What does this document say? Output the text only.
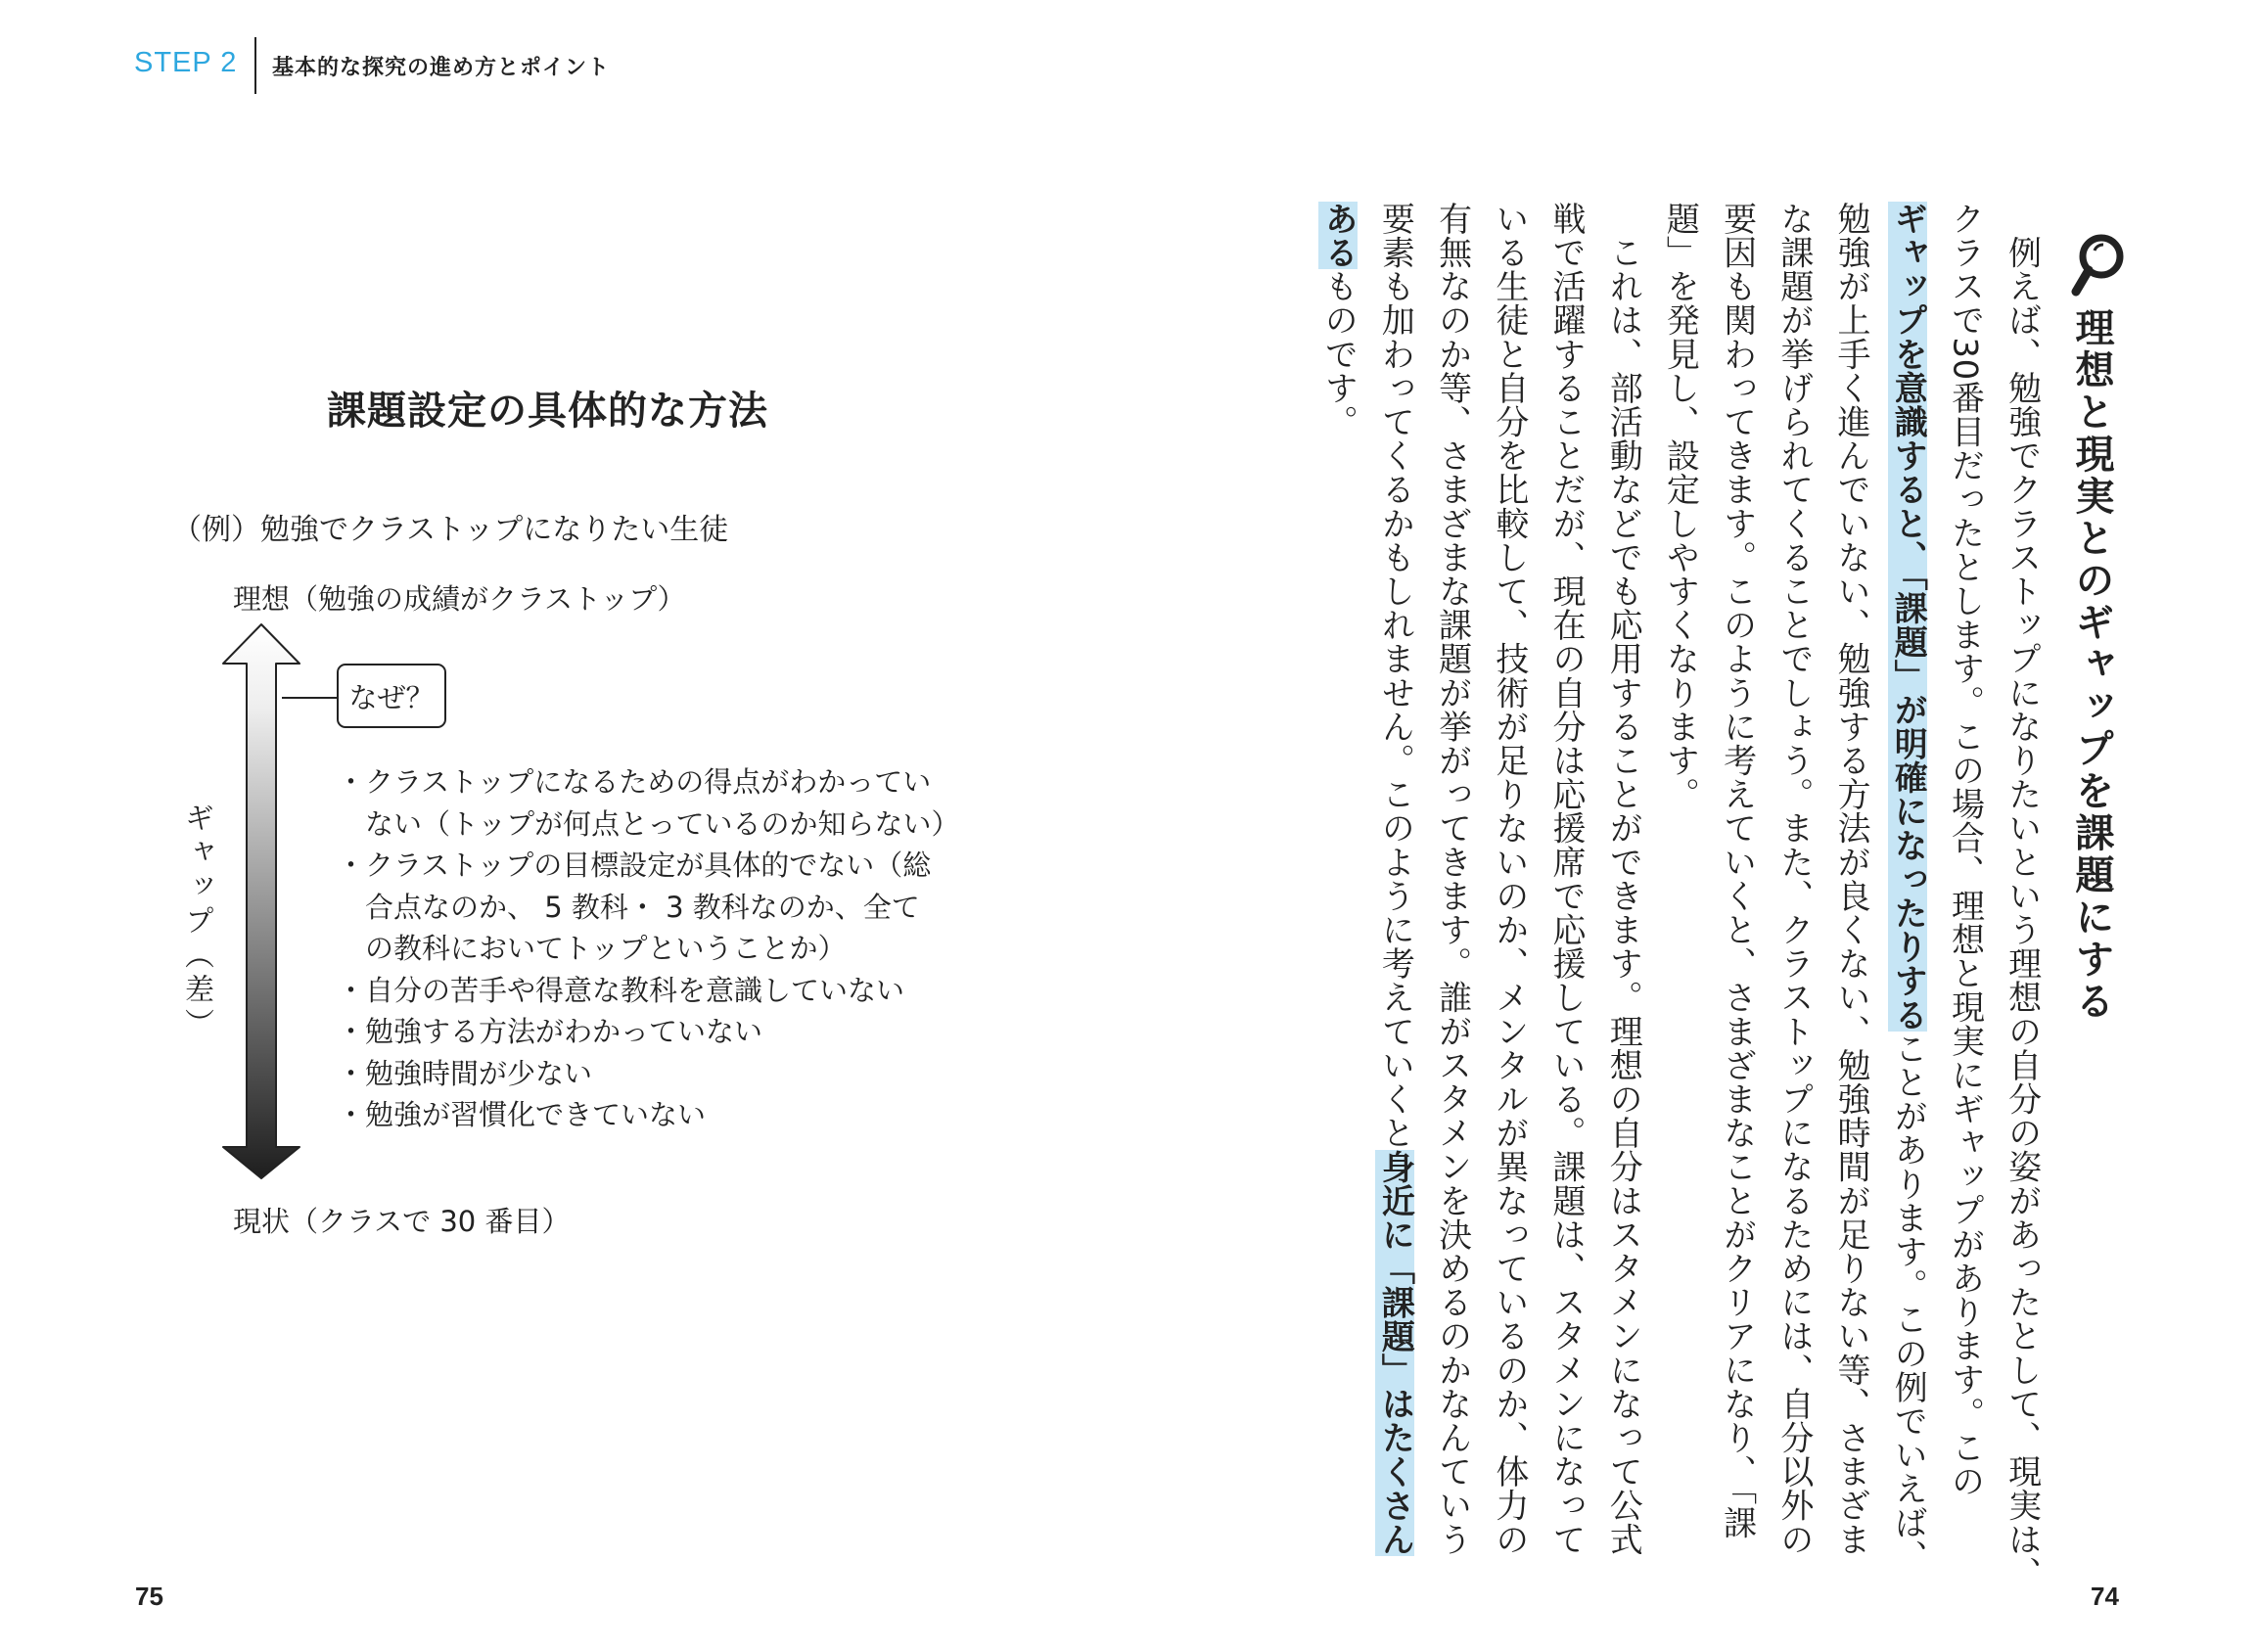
STEP 2 基本的な探究の進め方とポイント
課題設定の具体的な方法
（例）勉強でクラストップになりたい生徒
理想（勉強の成績がクラストップ）
ギャップ（差）
なぜ？
・クラストップになるための得点がわかってい
　ない（トップが何点とっているのか知らない）
・クラストップの目標設定が具体的でない（総
　合点なのか、 5 教科・ 3 教科なのか、全て
　の教科においてトップということか）
・自分の苦手や得意な教科を意識していない
・勉強する方法がわかっていない
・勉強時間が少ない
・勉強が習慣化できていない
現状（クラスで 30 番目）
75
理想と現実とのギャップを課題にする
　例えば、勉強でクラストップになりたいという理想の自分の姿があったとして、現実は、
クラスで30番目だったとします。この場合、理想と現実にギャップがあります。この
ギャップを意識すると、「課題」が明確になったりすることがあります。この例でいえば、
勉強が上手く進んでいない、勉強する方法が良くない、勉強時間が足りない等、さまざま
な課題が挙げられてくることでしょう。また、クラストップになるためには、自分以外の
要因も関わってきます。このように考えていくと、さまざまなことがクリアになり、「課
題」を発見し、設定しやすくなります。
　これは、部活動などでも応用することができます。理想の自分はスタメンになって公式
戦で活躍することだが、現在の自分は応援席で応援している。課題は、スタメンになって
いる生徒と自分を比較して、技術が足りないのか、メンタルが異なっているのか、体力の
有無なのか等、さまざまな課題が挙がってきます。誰がスタメンを決めるのかなんていう
要素も加わってくるかもしれません。このように考えていくと身近に「課題」はたくさん
あるものです。
74
